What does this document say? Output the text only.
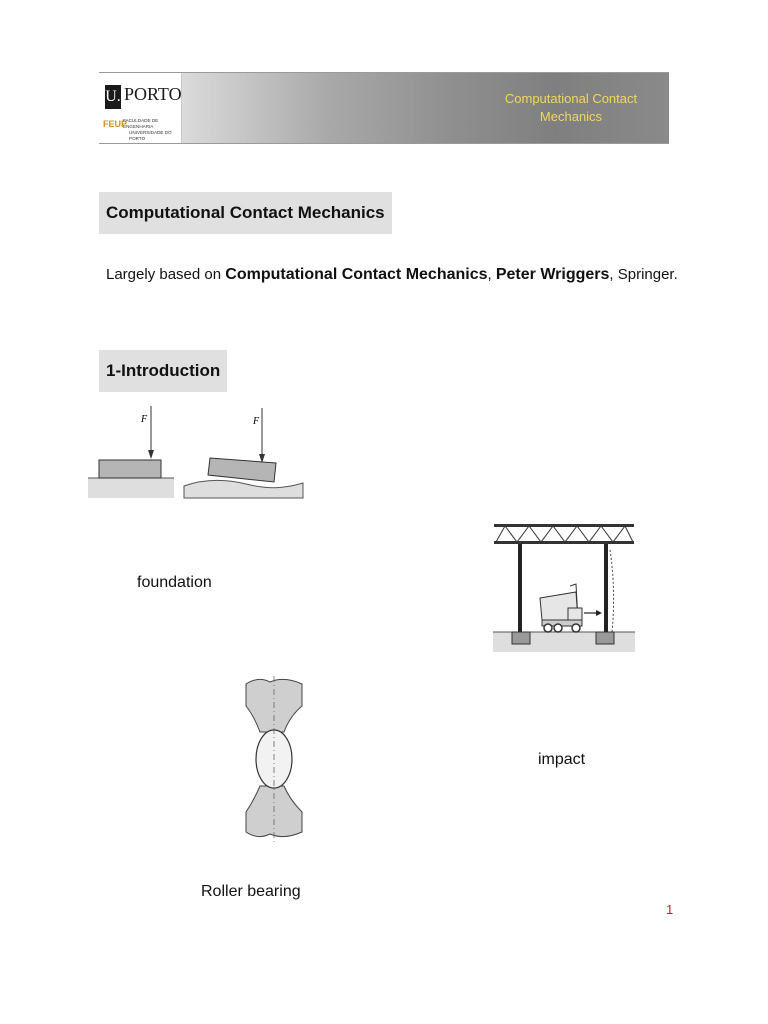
U. PORTO
FEUP
FACULDADE DE ENGENHARIA
UNIVERSIDADE DO PORTO
Computational Contact
Mechanics
Computational Contact Mechanics
Largely based on Computational Contact Mechanics, Peter Wriggers, Springer.
1-Introduction
F	F
foundation
impact
Roller bearing
1
